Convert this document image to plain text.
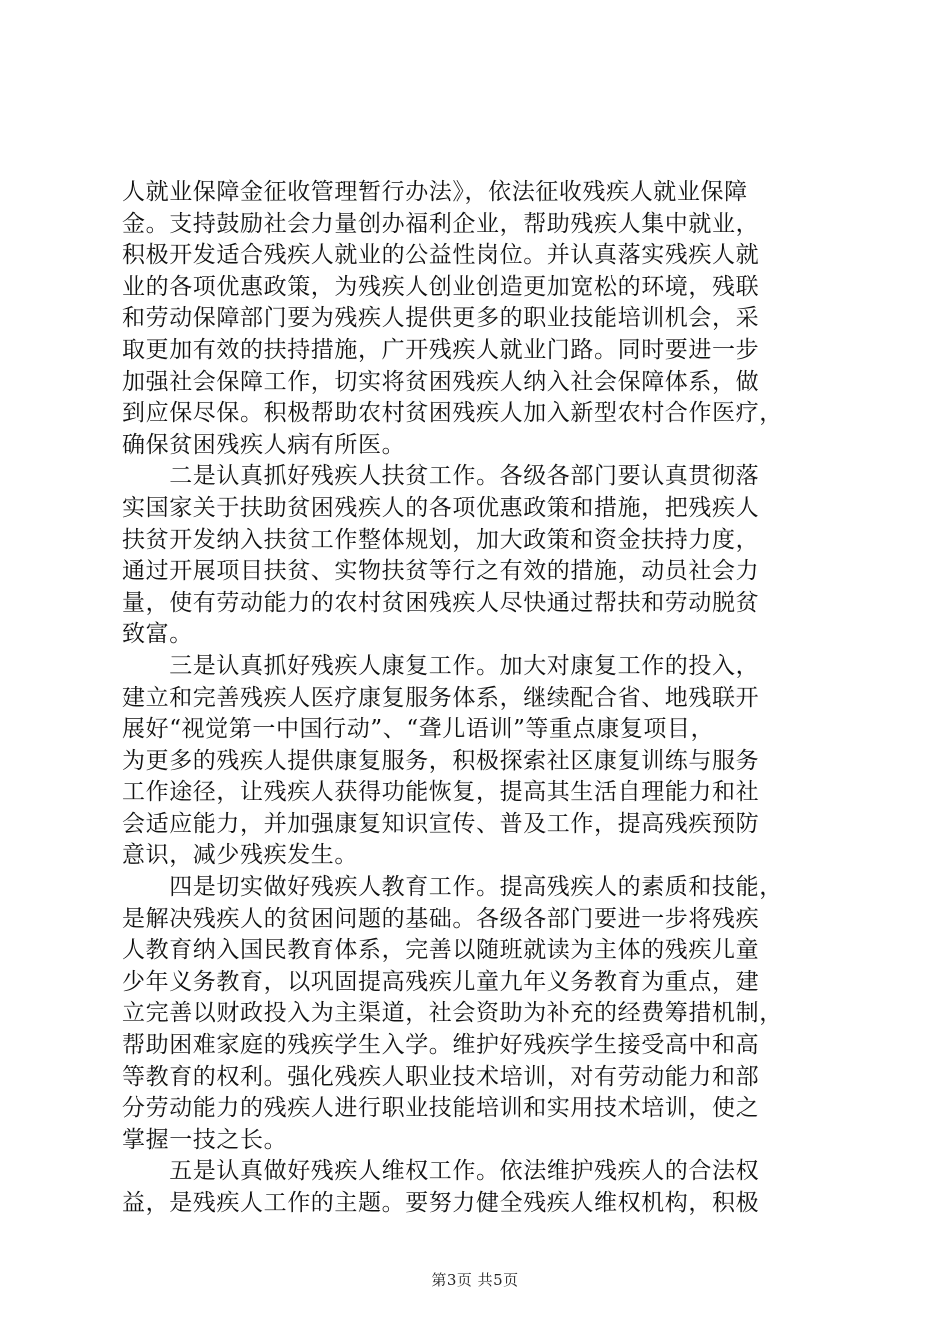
人就业保障金征收管理暂行办法》，依法征收残疾人就业保障
金。支持鼓励社会力量创办福利企业，帮助残疾人集中就业，
积极开发适合残疾人就业的公益性岗位。并认真落实残疾人就
业的各项优惠政策，为残疾人创业创造更加宽松的环境，残联
和劳动保障部门要为残疾人提供更多的职业技能培训机会，采
取更加有效的扶持措施，广开残疾人就业门路。同时要进一步
加强社会保障工作，切实将贫困残疾人纳入社会保障体系，做
到应保尽保。积极帮助农村贫困残疾人加入新型农村合作医疗，
确保贫困残疾人病有所医。
　　二是认真抓好残疾人扶贫工作。各级各部门要认真贯彻落
实国家关于扶助贫困残疾人的各项优惠政策和措施，把残疾人
扶贫开发纳入扶贫工作整体规划，加大政策和资金扶持力度，
通过开展项目扶贫、实物扶贫等行之有效的措施，动员社会力
量，使有劳动能力的农村贫困残疾人尽快通过帮扶和劳动脱贫
致富。
　　三是认真抓好残疾人康复工作。加大对康复工作的投入，
建立和完善残疾人医疗康复服务体系，继续配合省、地残联开
展好“视觉第一中国行动”、“聋儿语训”等重点康复项目，
为更多的残疾人提供康复服务，积极探索社区康复训练与服务
工作途径，让残疾人获得功能恢复，提高其生活自理能力和社
会适应能力，并加强康复知识宣传、普及工作，提高残疾预防
意识，减少残疾发生。
　　四是切实做好残疾人教育工作。提高残疾人的素质和技能，
是解决残疾人的贫困问题的基础。各级各部门要进一步将残疾
人教育纳入国民教育体系，完善以随班就读为主体的残疾儿童
少年义务教育，以巩固提高残疾儿童九年义务教育为重点，建
立完善以财政投入为主渠道，社会资助为补充的经费筹措机制，
帮助困难家庭的残疾学生入学。维护好残疾学生接受高中和高
等教育的权利。强化残疾人职业技术培训，对有劳动能力和部
分劳动能力的残疾人进行职业技能培训和实用技术培训，使之
掌握一技之长。
　　五是认真做好残疾人维权工作。依法维护残疾人的合法权
益，是残疾人工作的主题。要努力健全残疾人维权机构，积极
第3页 共5页
